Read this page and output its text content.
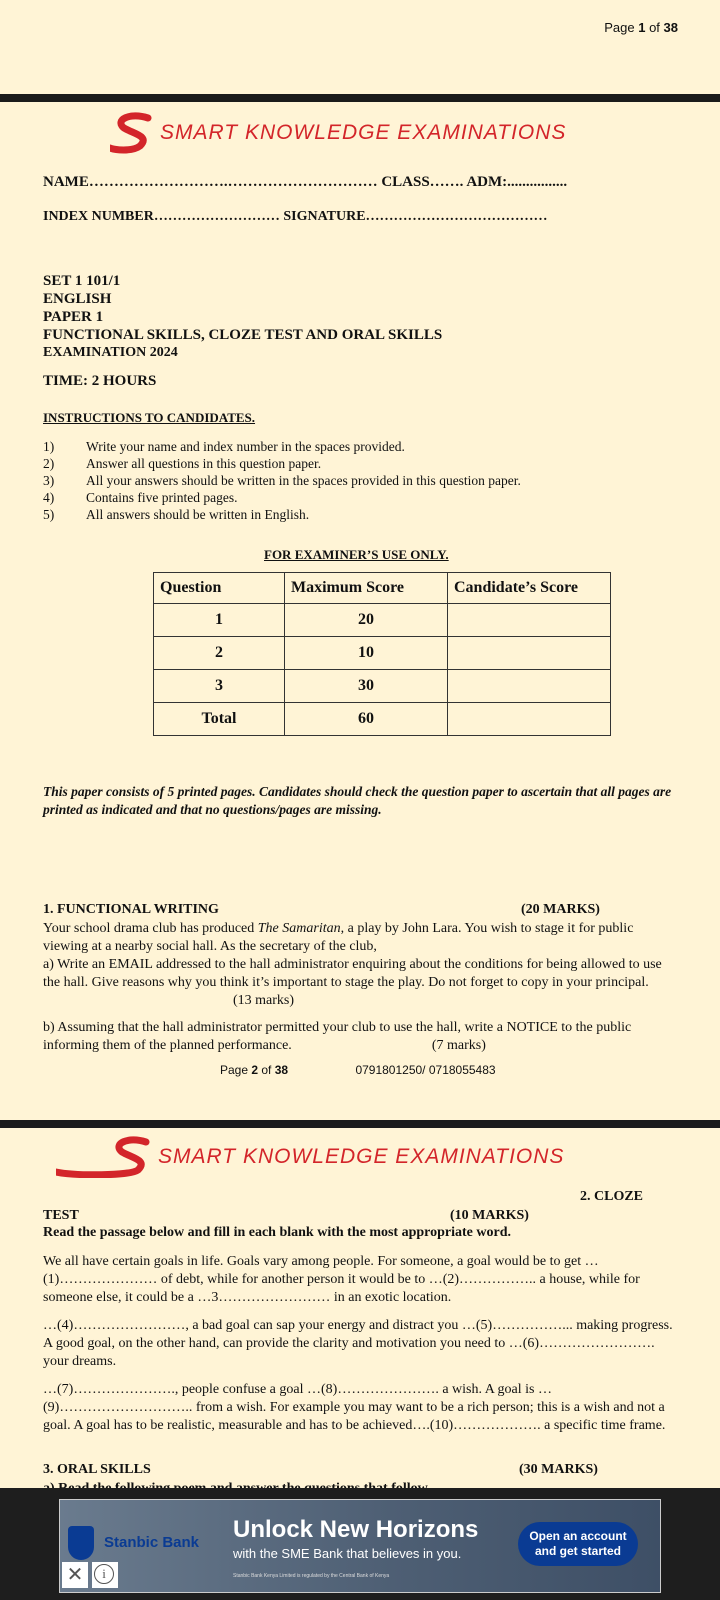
Page 1 of 38
SMART KNOWLEDGE EXAMINATIONS
NAME……………………….………………………… CLASS……. ADM:................
INDEX NUMBER……………………… SIGNATURE…………………………………
SET 1 101/1
ENGLISH
PAPER 1
FUNCTIONAL SKILLS, CLOZE TEST AND ORAL SKILLS
EXAMINATION 2024
TIME: 2 HOURS
INSTRUCTIONS TO CANDIDATES.
1)	Write your name and index number in the spaces provided.
2)	Answer all questions in this question paper.
3)	All your answers should be written in the spaces provided in this question paper.
4)	Contains five printed pages.
5)	All answers should be written in English.
FOR EXAMINER’S USE ONLY.
Question	Maximum Score	Candidate’s Score
1	20	
2	10	
3	30	
Total	60	
This paper consists of 5 printed pages. Candidates should check the question paper to ascertain that all pages are printed as indicated and that no questions/pages are missing.
1. FUNCTIONAL WRITING	(20 MARKS)
Your school drama club has produced The Samaritan, a play by John Lara. You wish to stage it for public viewing at a nearby social hall. As the secretary of the club,
a) Write an EMAIL addressed to the hall administrator enquiring about the conditions for being allowed to use the hall. Give reasons why you think it’s important to stage the play. Do not forget to copy in your principal.(13 marks)
b) Assuming that the hall administrator permitted your club to use the hall, write a NOTICE to the public informing them of the planned performance.	(7 marks)
Page 2 of 38	0791801250/ 0718055483
SMART KNOWLEDGE EXAMINATIONS
2. CLOZE
TEST	(10 MARKS)
Read the passage below and fill in each blank with the most appropriate word.
We all have certain goals in life. Goals vary among people. For someone, a goal would be to get …(1)………………… of debt, while for another person it would be to …(2)…………….. a house, while for someone else, it could be a …3…………………… in an exotic location.
…(4)……………………, a bad goal can sap your energy and distract you …(5)……………... making progress. A good goal, on the other hand, can provide the clarity and motivation you need to …(6)……………………. your dreams.
…(7)…………………., people confuse a goal …(8)…………………. a wish. A goal is …(9)……………………….. from a wish. For example you may want to be a rich person; this is a wish and not a goal. A goal has to be realistic, measurable and has to be achieved….(10)………………. a specific time frame.
3. ORAL SKILLS	(30 MARKS)
Stanbic Bank Unlock New Horizons
with the SME Bank that believes in you.
Stanbic Bank Kenya Limited is regulated by the Central Bank of Kenya
Open an account and get started
✕	i
